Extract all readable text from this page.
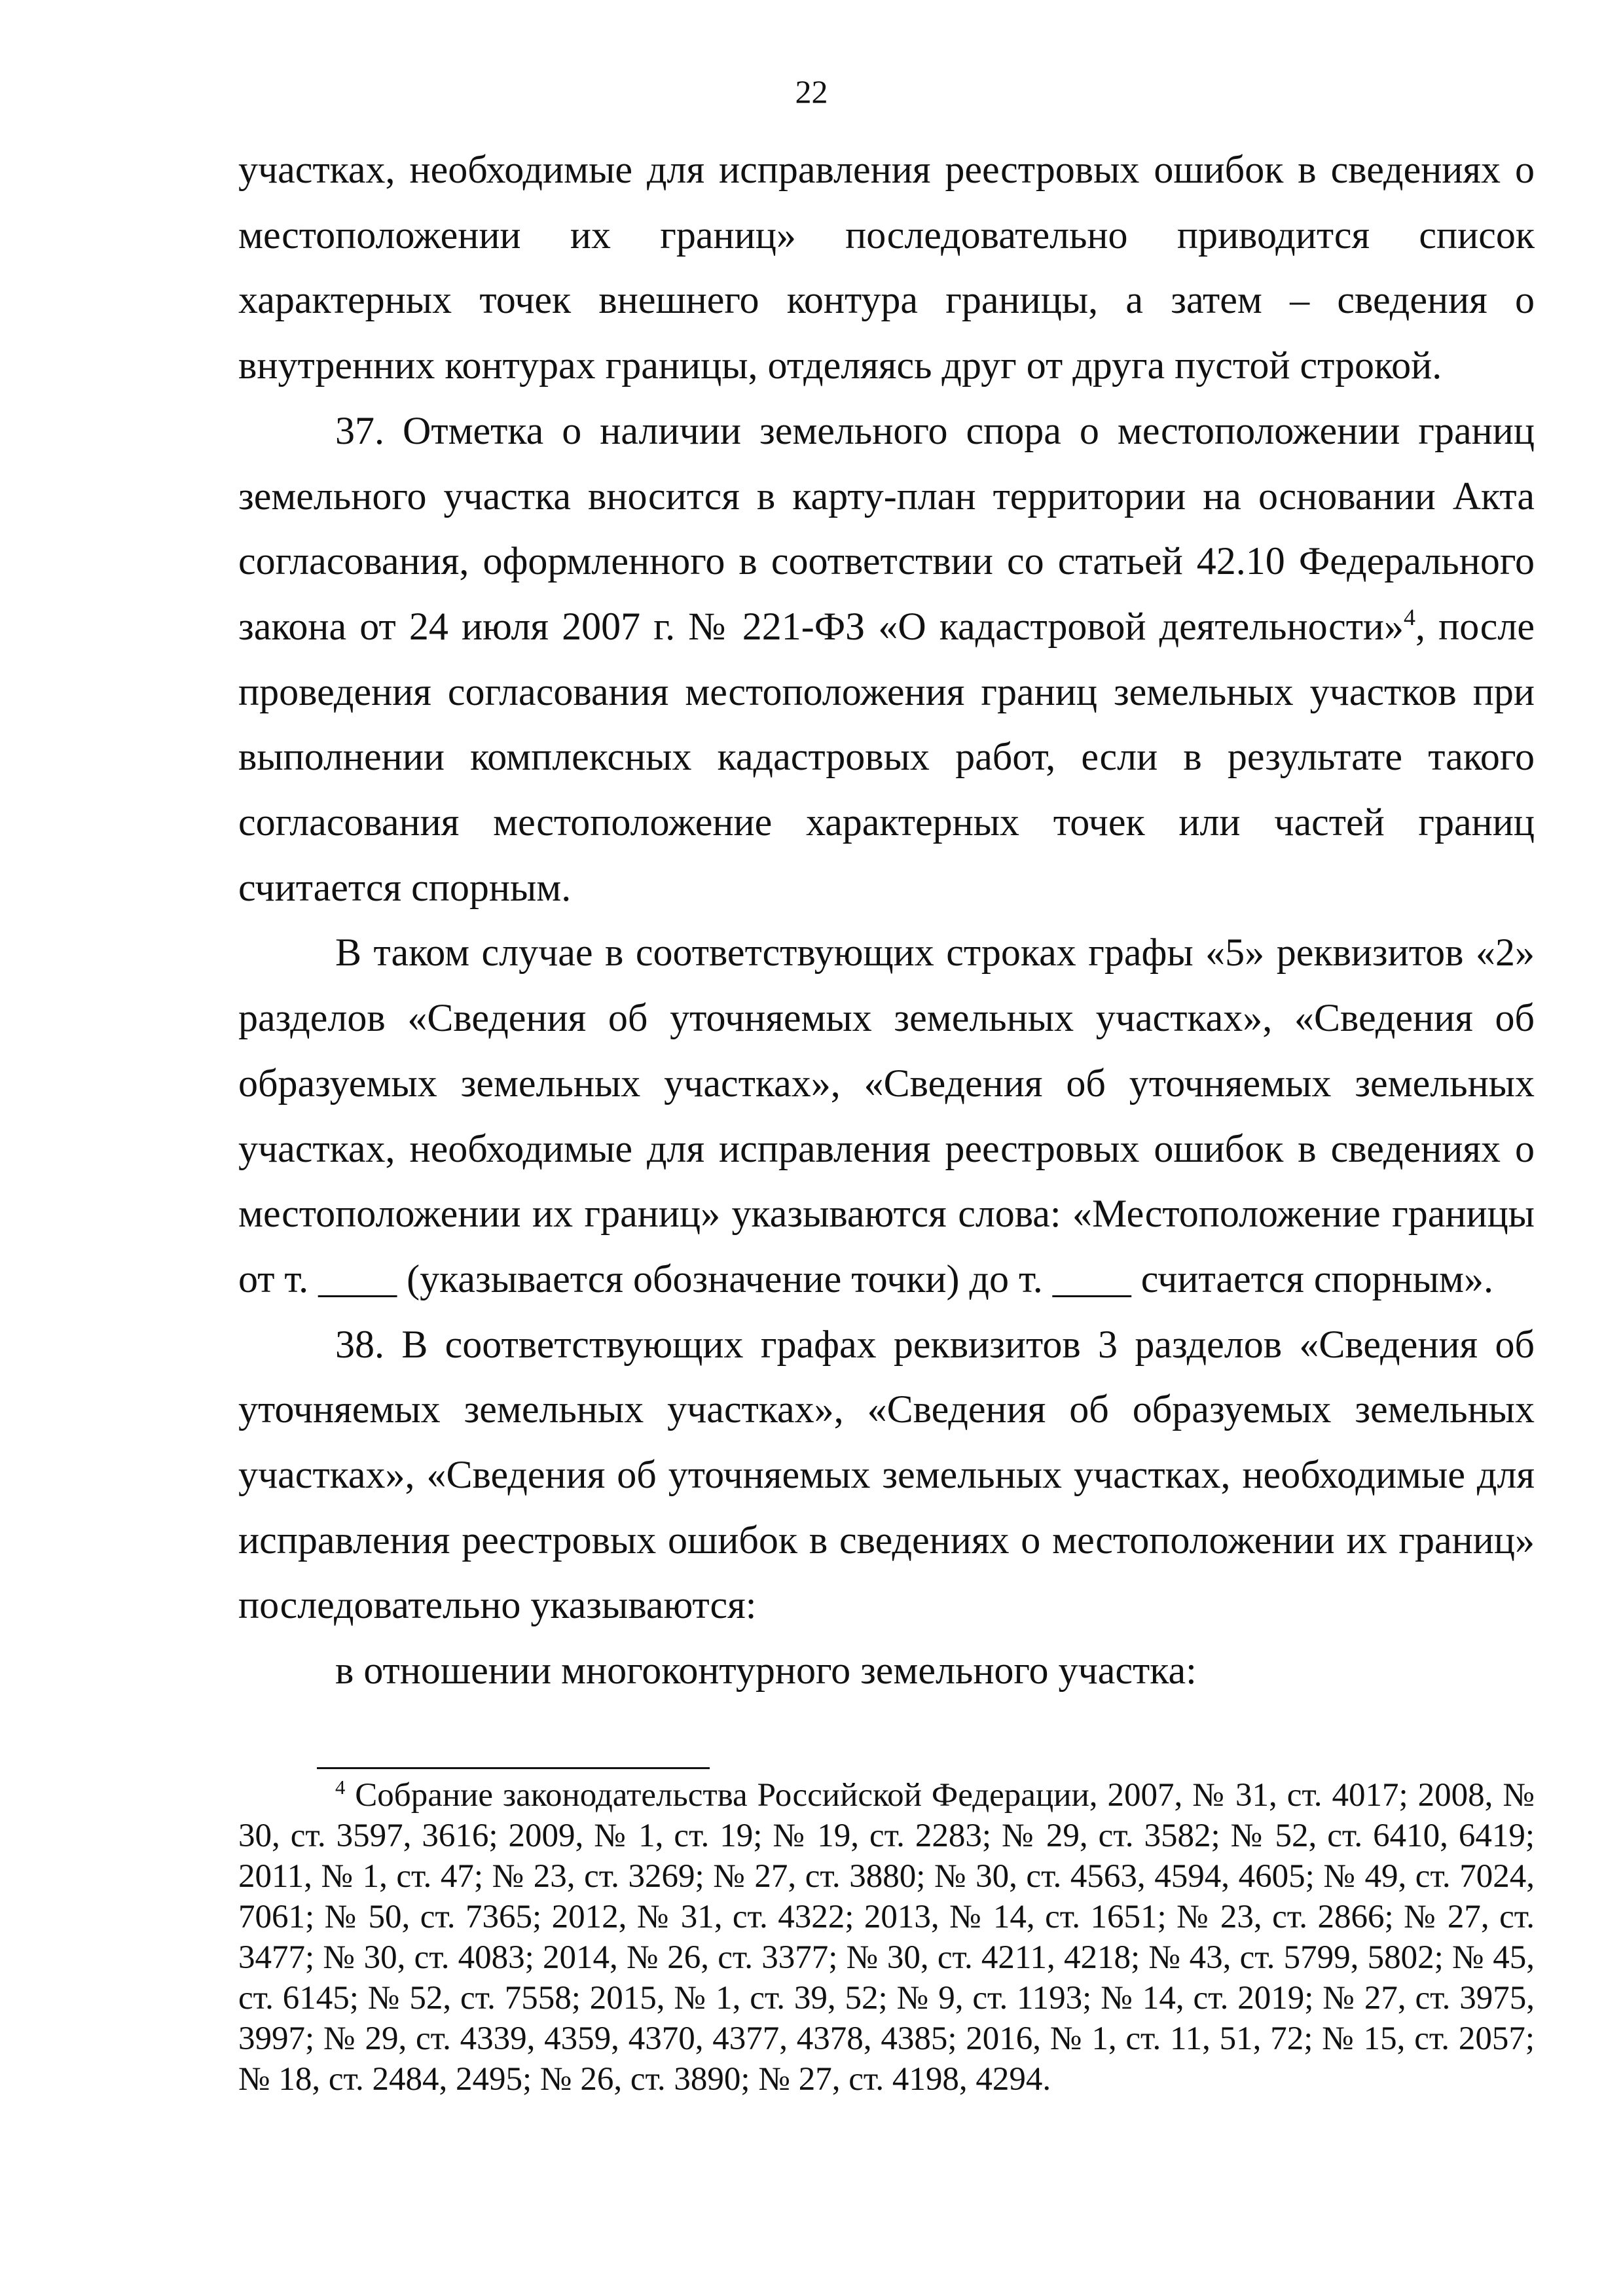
22

участках, необходимые для исправления реестровых ошибок в сведениях о местоположении их границ» последовательно приводится список характерных точек внешнего контура границы, а затем – сведения о внутренних контурах границы, отделяясь друг от друга пустой строкой.

37. Отметка о наличии земельного спора о местоположении границ земельного участка вносится в карту-план территории на основании Акта согласования, оформленного в соответствии со статьей 42.10 Федерального закона от 24 июля 2007 г. № 221-ФЗ «О кадастровой деятельности»$^4$, после проведения согласования местоположения границ земельных участков при выполнении комплексных кадастровых работ, если в результате такого согласования местоположение характерных точек или частей границ считается спорным.

В таком случае в соответствующих строках графы «5» реквизитов «2» разделов «Сведения об уточняемых земельных участках», «Сведения об образуемых земельных участках», «Сведения об уточняемых земельных участках, необходимые для исправления реестровых ошибок в сведениях о местоположении их границ» указываются слова: «Местоположение границы от т. ____ (указывается обозначение точки) до т. ____ считается спорным».

38. В соответствующих графах реквизитов 3 разделов «Сведения об уточняемых земельных участках», «Сведения об образуемых земельных участках», «Сведения об уточняемых земельных участках, необходимые для исправления реестровых ошибок в сведениях о местоположении их границ» последовательно указываются:

в отношении многоконтурного земельного участка:

$^4$ Собрание законодательства Российской Федерации, 2007, № 31, ст. 4017; 2008, № 30, ст. 3597, 3616; 2009, № 1, ст. 19; № 19, ст. 2283; № 29, ст. 3582; № 52, ст. 6410, 6419; 2011, № 1, ст. 47; № 23, ст. 3269; № 27, ст. 3880; № 30, ст. 4563, 4594, 4605; № 49, ст. 7024, 7061; № 50, ст. 7365; 2012, № 31, ст. 4322; 2013, № 14, ст. 1651; № 23, ст. 2866; № 27, ст. 3477; № 30, ст. 4083; 2014, № 26, ст. 3377; № 30, ст. 4211, 4218; № 43, ст. 5799, 5802; № 45, ст. 6145; № 52, ст. 7558; 2015, № 1, ст. 39, 52; № 9, ст. 1193; № 14, ст. 2019; № 27, ст. 3975, 3997; № 29, ст. 4339, 4359, 4370, 4377, 4378, 4385; 2016, № 1, ст. 11, 51, 72; № 15, ст. 2057; № 18, ст. 2484, 2495; № 26, ст. 3890; № 27, ст. 4198, 4294.
